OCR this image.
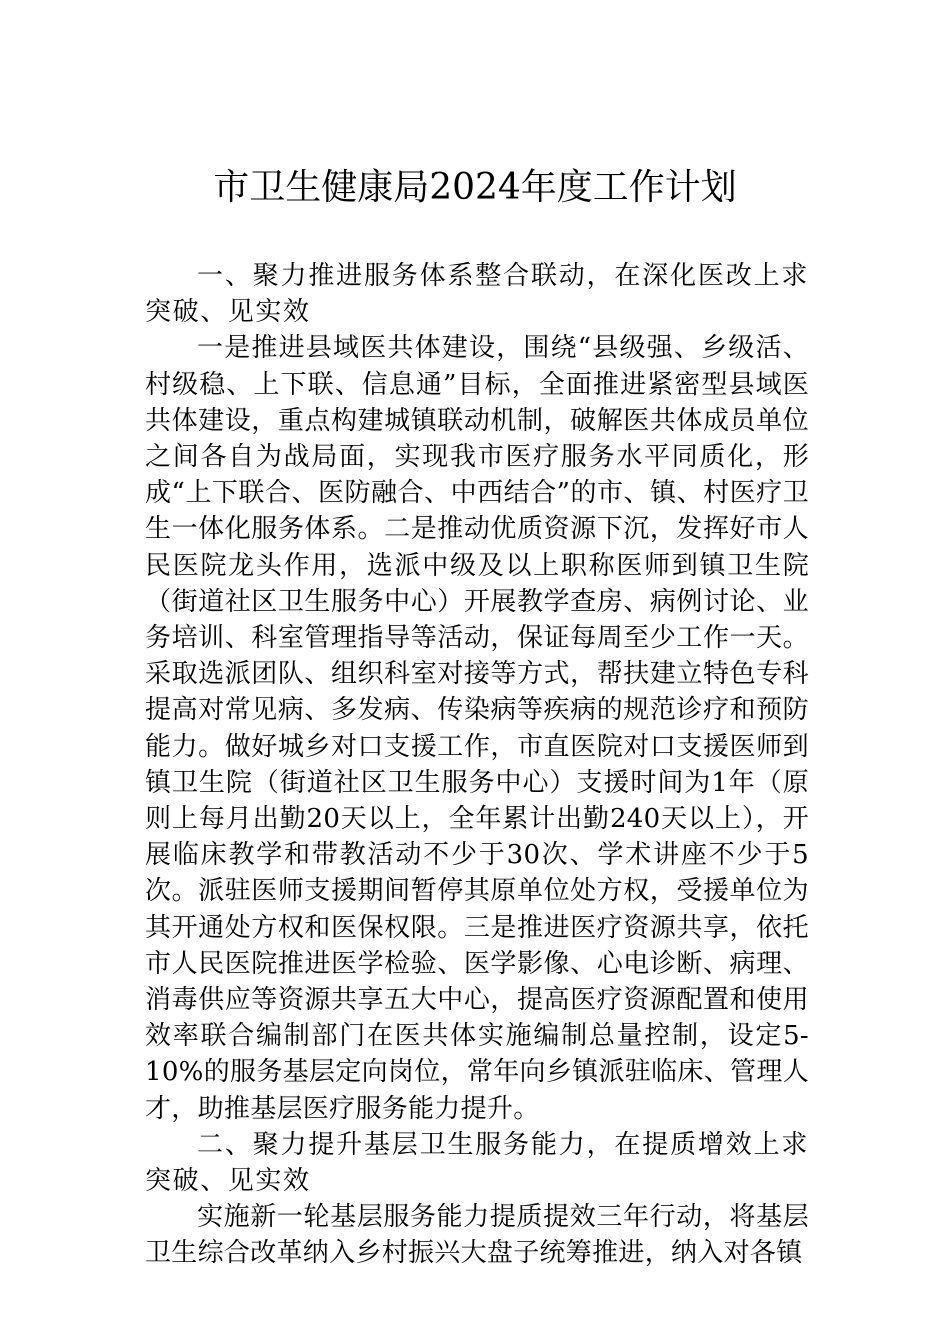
市卫生健康局2024年度工作计划

一、聚力推进服务体系整合联动，在深化医改上求突破、见实效

一是推进县域医共体建设，围绕“县级强、乡级活、村级稳、上下联、信息通”目标，全面推进紧密型县域医共体建设，重点构建城镇联动机制，破解医共体成员单位之间各自为战局面，实现我市医疗服务水平同质化，形成“上下联合、医防融合、中西结合”的市、镇、村医疗卫生一体化服务体系。二是推动优质资源下沉，发挥好市人民医院龙头作用，选派中级及以上职称医师到镇卫生院（街道社区卫生服务中心）开展教学查房、病例讨论、业务培训、科室管理指导等活动，保证每周至少工作一天。采取选派团队、组织科室对接等方式，帮扶建立特色专科提高对常见病、多发病、传染病等疾病的规范诊疗和预防能力。做好城乡对口支援工作，市直医院对口支援医师到镇卫生院（街道社区卫生服务中心）支援时间为1年（原则上每月出勤20天以上，全年累计出勤240天以上），开展临床教学和带教活动不少于30次、学术讲座不少于5次。派驻医师支援期间暂停其原单位处方权，受援单位为其开通处方权和医保权限。三是推进医疗资源共享，依托市人民医院推进医学检验、医学影像、心电诊断、病理、消毒供应等资源共享五大中心，提高医疗资源配置和使用效率联合编制部门在医共体实施编制总量控制，设定5-10%的服务基层定向岗位，常年向乡镇派驻临床、管理人才，助推基层医疗服务能力提升。

二、聚力提升基层卫生服务能力，在提质增效上求突破、见实效

实施新一轮基层服务能力提质提效三年行动，将基层卫生综合改革纳入乡村振兴大盘子统筹推进，纳入对各镇
